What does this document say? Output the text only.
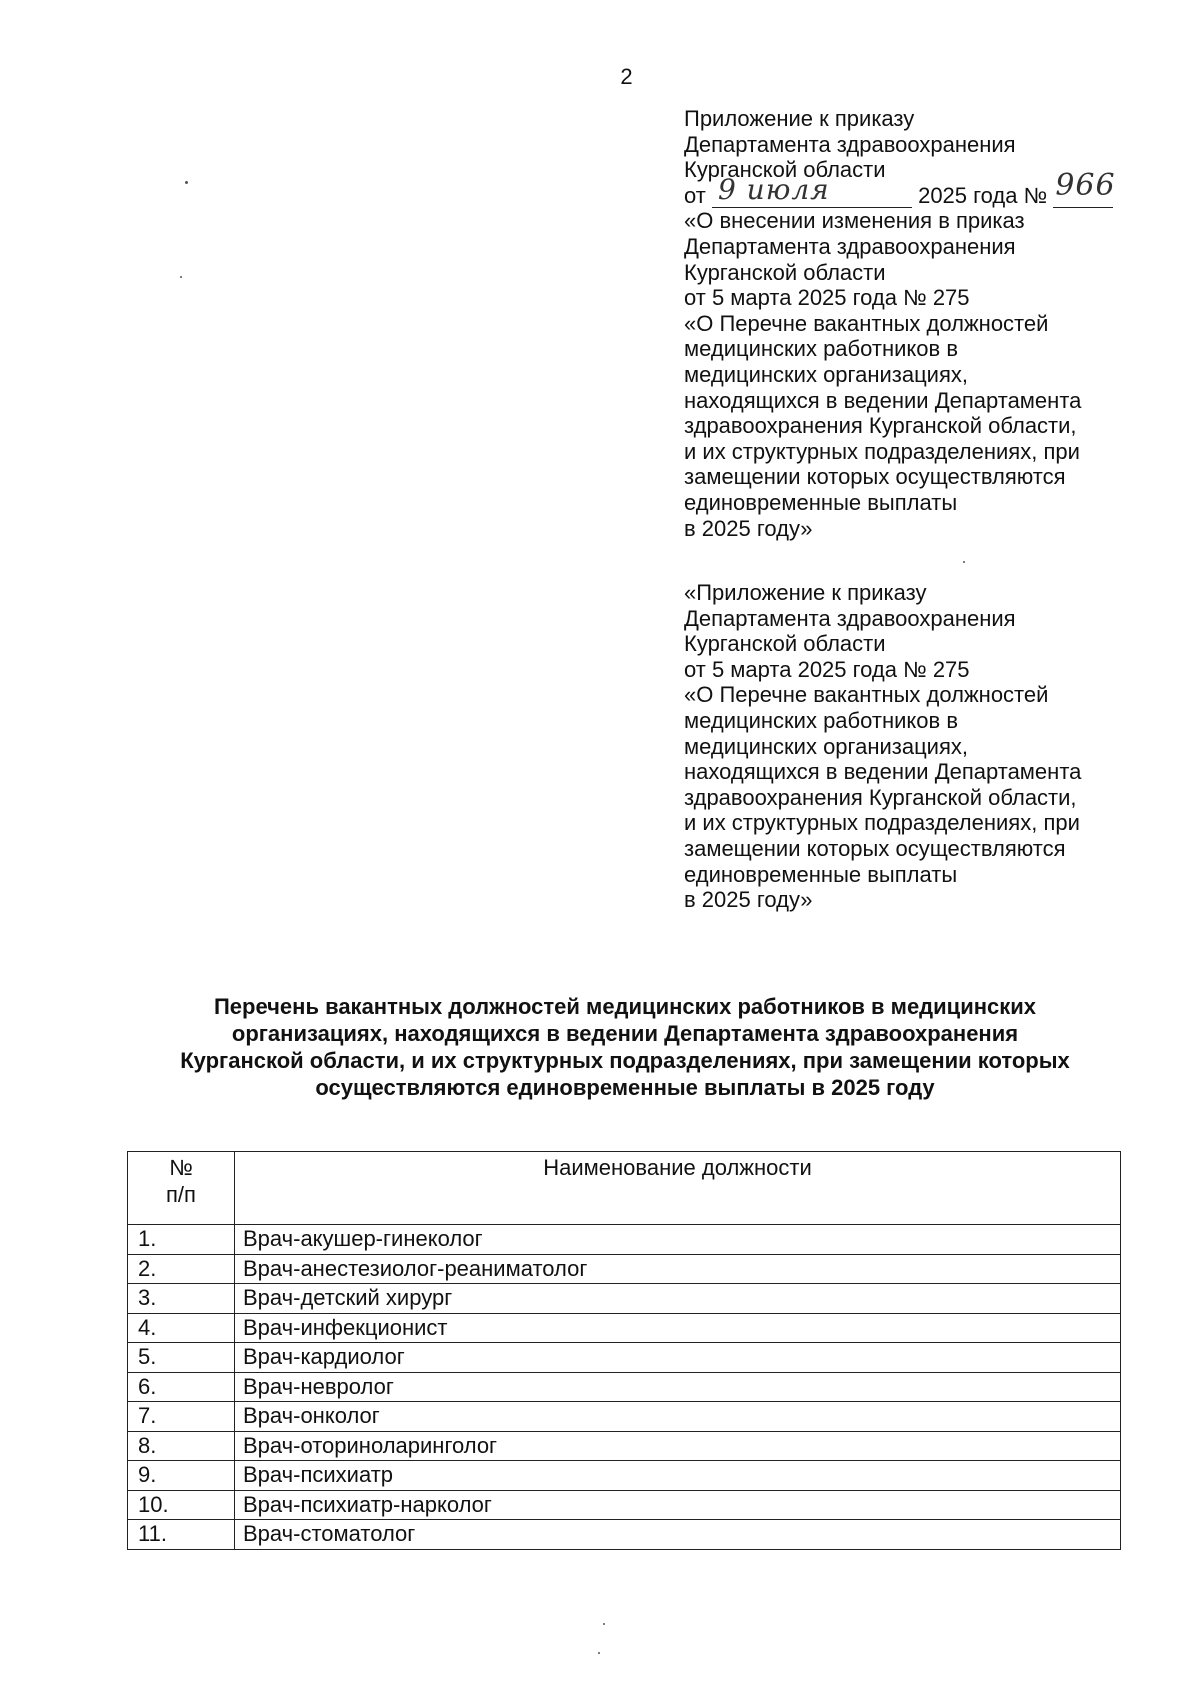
2
Приложение к приказу
Департамента здравоохранения
Курганской области
от 9 июля	2025 года № 966
«О внесении изменения в приказ
Департамента здравоохранения
Курганской области
от 5 марта 2025 года № 275
«О Перечне вакантных должностей
медицинских работников в
медицинских организациях,
находящихся в ведении Департамента
здравоохранения Курганской области,
и их структурных подразделениях, при
замещении которых осуществляются
единовременные выплаты
в 2025 году»
«Приложение к приказу
Департамента здравоохранения
Курганской области
от 5 марта 2025 года № 275
«О Перечне вакантных должностей
медицинских работников в
медицинских организациях,
находящихся в ведении Департамента
здравоохранения Курганской области,
и их структурных подразделениях, при
замещении которых осуществляются
единовременные выплаты
в 2025 году»
Перечень вакантных должностей медицинских работников в медицинских
организациях, находящихся в ведении Департамента здравоохранения
Курганской области, и их структурных подразделениях, при замещении которых
осуществляются единовременные выплаты в 2025 году
№
п/п	Наименование должности
1.	Врач-акушер-гинеколог
2.	Врач-анестезиолог-реаниматолог
3.	Врач-детский хирург
4.	Врач-инфекционист
5.	Врач-кардиолог
6.	Врач-невролог
7.	Врач-онколог
8.	Врач-оториноларинголог
9.	Врач-психиатр
10.	Врач-психиатр-нарколог
11.	Врач-стоматолог
